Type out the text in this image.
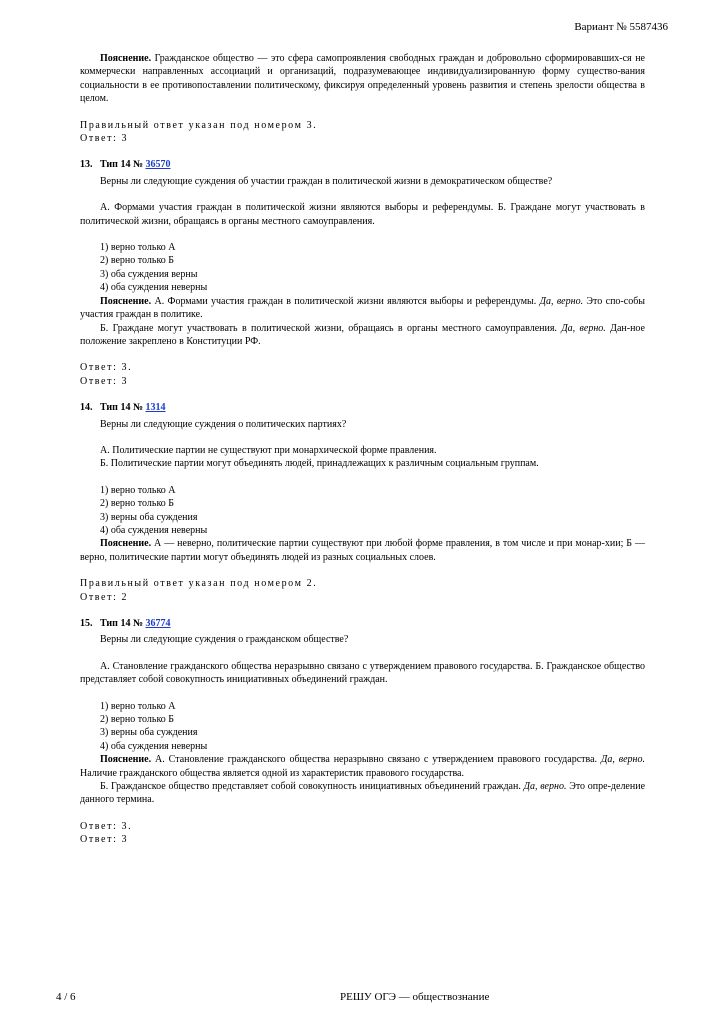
Вариант № 5587436

Пояснение. Гражданское общество — это сфера самопроявления свободных граждан и добровольно сформировавших-ся не коммерчески направленных ассоциаций и организаций, подразумевающее индивидуализированную форму существо-вания социальности в ее противопоставлении политическому, фиксируя определенный уровень развития и степень зрелости общества в целом.

Правильный ответ указан под номером 3.

Ответ: 3

13. Тип 14 № 36570

Верны ли следующие суждения об участии граждан в политической жизни в демократическом обществе?

А. Формами участия граждан в политической жизни являются выборы и референдумы. Б. Граждане могут участвовать в политической жизни, обращаясь в органы местного самоуправления.

1) верно только А

2) верно только Б

3) оба суждения верны

4) оба суждения неверны

Пояснение. А. Формами участия граждан в политической жизни являются выборы и референдумы. Да, верно. Это спо-собы участия граждан в политике.

Б. Граждане могут участвовать в политической жизни, обращаясь в органы местного самоуправления. Да, верно. Дан-ное положение закреплено в Конституции РФ.

Ответ: 3.

Ответ: 3

14. Тип 14 № 1314

Верны ли следующие суждения о политических партиях?

А. Политические партии не существуют при монархической форме правления.

Б. Политические партии могут объединять людей, принадлежащих к различным социальным группам.

1) верно только А

2) верно только Б

3) верны оба суждения

4) оба суждения неверны

Пояснение. А — неверно, политические партии существуют при любой форме правления, в том числе и при монар-хии; Б — верно, политические партии могут объединять людей из разных социальных слоев.

Правильный ответ указан под номером 2.

Ответ: 2

15. Тип 14 № 36774

Верны ли следующие суждения о гражданском обществе?

А. Становление гражданского общества неразрывно связано с утверждением правового государства. Б. Гражданское общество представляет собой совокупность инициативных объединений граждан.

1) верно только А

2) верно только Б

3) верны оба суждения

4) оба суждения неверны

Пояснение. А. Становление гражданского общества неразрывно связано с утверждением правового государства. Да, верно. Наличие гражданского общества является одной из характеристик правового государства.

Б. Гражданское общество представляет собой совокупность инициативных объединений граждан. Да, верно. Это опре-деление данного термина.

Ответ: 3.

Ответ: 3

4 / 6	РЕШУ ОГЭ — обществознание
